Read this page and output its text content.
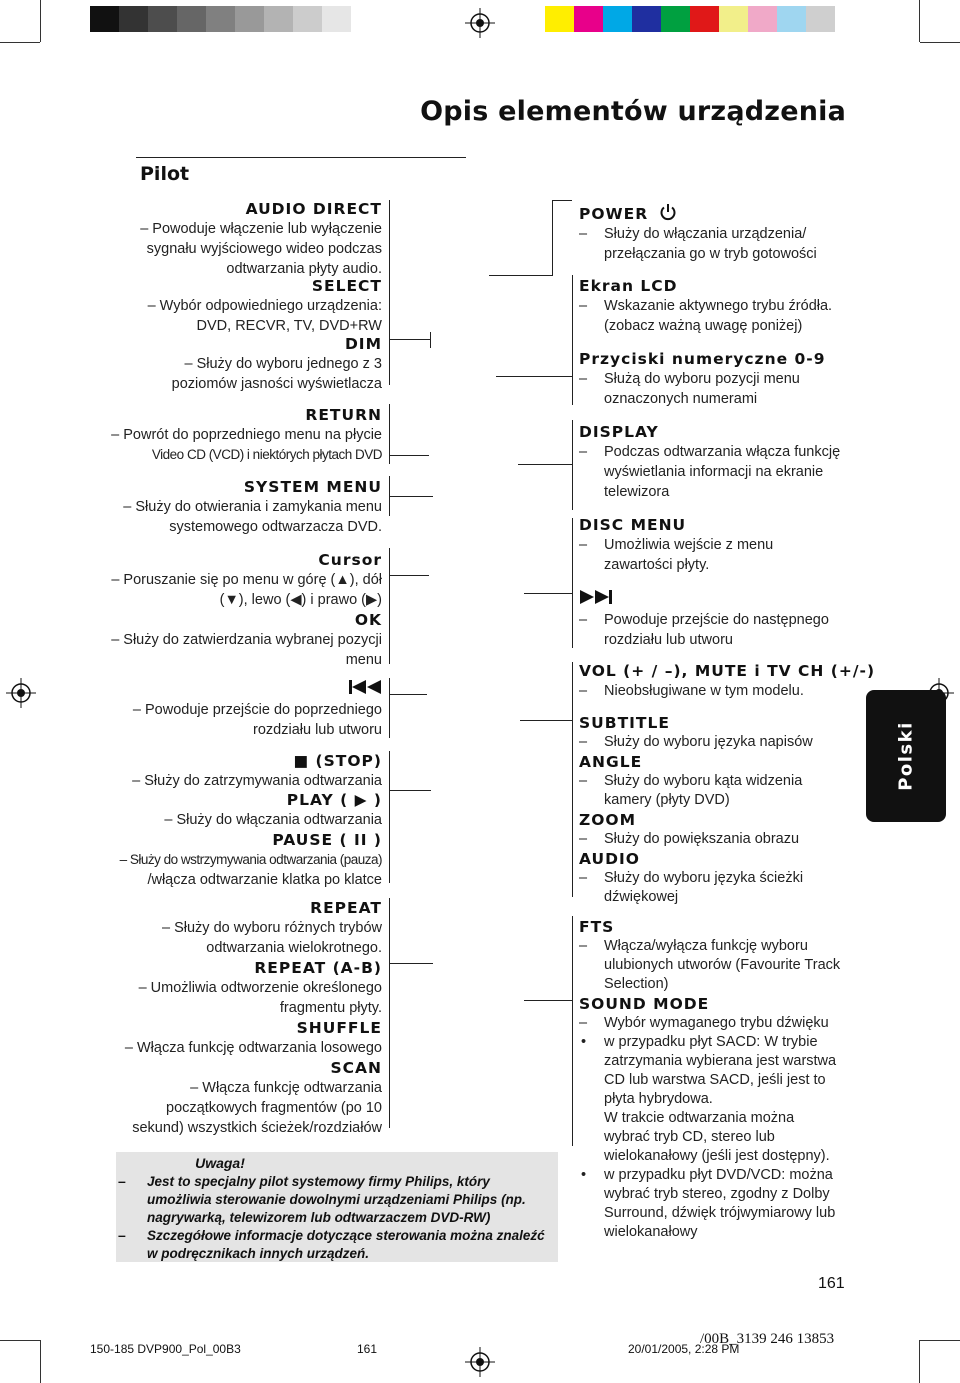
Opis elementów urządzenia
Pilot
AUDIO DIRECT
– Powoduje włączenie lub wyłączenie
sygnału wyjściowego wideo podczas
odtwarzania płyty audio.
SELECT
– Wybór odpowiedniego urządzenia:
DVD, RECVR, TV, DVD+RW
DIM
– Służy do wyboru jednego z 3
poziomów jasności wyświetlacza
RETURN
– Powrót do poprzedniego menu na płycie
Video CD (VCD) i niektórych płytach DVD
SYSTEM MENU
– Służy do otwierania i zamykania menu
systemowego odtwarzacza DVD.
Cursor
– Poruszanie się po menu w górę (▲), dół
(▼), lewo (◀) i prawo (▶)
OK
– Służy do zatwierdzania wybranej pozycji
menu
– Powoduje przejście do poprzedniego
rozdziału lub utworu
■ (STOP)
– Służy do zatrzymywania odtwarzania
PLAY ( ▶ )
– Służy do włączania odtwarzania
PAUSE ( II )
– Służy do wstrzymywania odtwarzania (pauza)
/włącza odtwarzanie klatka po klatce
REPEAT
– Służy do wyboru różnych trybów
odtwarzania wielokrotnego.
REPEAT (A-B)
– Umożliwia odtworzenie określonego
fragmentu płyty.
SHUFFLE
– Włącza funkcję odtwarzania losowego
SCAN
– Włącza funkcję odtwarzania
początkowych fragmentów (po 10
sekund) wszystkich ścieżek/rozdziałów
POWER
– Służy do włączania urządzenia/
przełączania go w tryb gotowości
Ekran LCD
– Wskazanie aktywnego trybu źródła.
(zobacz ważną uwagę poniżej)
Przyciski numeryczne 0-9
– Służą do wyboru pozycji menu
oznaczonych numerami
DISPLAY
– Podczas odtwarzania włącza funkcję
wyświetlania informacji na ekranie
telewizora
DISC MENU
– Umożliwia wejście z menu
zawartości płyty.
– Powoduje przejście do następnego
rozdziału lub utworu
VOL (+ / –), MUTE i TV CH (+/-)
– Nieobsługiwane w tym modelu.
SUBTITLE
– Służy do wyboru języka napisów
ANGLE
– Służy do wyboru kąta widzenia
kamery (płyty DVD)
ZOOM
– Służy do powiększania obrazu
AUDIO
– Służy do wyboru języka ścieżki
dźwiękowej
FTS
– Włącza/wyłącza funkcję wyboru
ulubionych utworów (Favourite Track
Selection)
SOUND MODE
– Wybór wymaganego trybu dźwięku
• w przypadku płyt SACD: W trybie
zatrzymania wybierana jest warstwa
CD lub warstwa SACD, jeśli jest to
płyta hybrydowa.
W trakcie odtwarzania można
wybrać tryb CD, stereo lub
wielokanałowy (jeśli jest dostępny).
• w przypadku płyt DVD/VCD: można
wybrać tryb stereo, zgodny z Dolby
Surround, dźwięk trójwymiarowy lub
wielokanałowy
Polski
Uwaga!
– Jest to specjalny pilot systemowy firmy Philips, który
umożliwia sterowanie dowolnymi urządzeniami Philips (np.
nagrywarką, telewizorem lub odtwarzaczem DVD-RW)
– Szczegółowe informacje dotyczące sterowania można znaleźć
w podręcznikach innych urządzeń.
161
150-185 DVP900_Pol_00B3	161	20/01/2005, 2:28 PM
/00B_3139 246 13853
